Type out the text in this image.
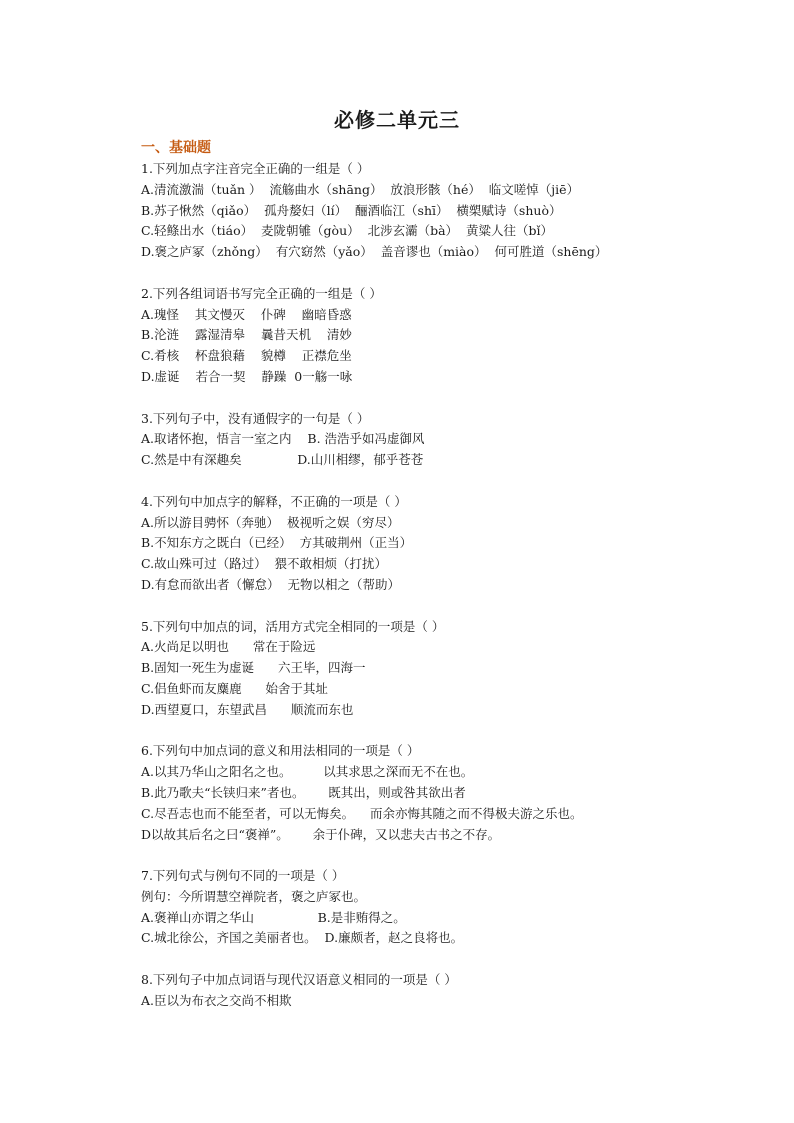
必修二单元三
一、基础题
1.下列加点字注音完全正确的一组是（ ）
A.清流激湍（tuǎn ）  流觞曲水（shāng）  放浪形骸（hé）  临文嗟悼（jiē）
B.苏子愀然（qiǎo）  孤舟嫠妇（lí）  酾酒临江（shī）  横槊赋诗（shuò）
C.轻鲦出水（tiáo）  麦陇朝雊（gòu）  北涉玄灞（bà）  黄粱人往（bǐ）
D.褒之庐冢（zhǒng）  有穴窈然（yǎo）  盖音谬也（miào）  何可胜道（shēng）
2.下列各组词语书写完全正确的一组是（ ）
A.瑰怪    其文慢灭    仆碑    幽暗昏惑
B.沦涟    露湿清皋    曩昔天机    清妙
C.肴核    杯盘狼藉    貌樽    正襟危坐
D.虚诞    若合一契    静躁  0一觞一咏
3.下列句子中，没有通假字的一句是（ ）
A.取诸怀抱，悟言一室之内    B. 浩浩乎如冯虚御风
C.然是中有深趣矣              D.山川相缪，郁乎苍苍
4.下列句中加点字的解释，不正确的一项是（ ）
A.所以游目骋怀（奔驰）  极视听之娱（穷尽）
B.不知东方之既白（已经）  方其破荆州（正当）
C.故山殊可过（路过）  猥不敢相烦（打扰）
D.有怠而欲出者（懈怠）  无物以相之（帮助）
5.下列句中加点的词，活用方式完全相同的一项是（ ）
A.火尚足以明也      常在于险远
B.固知一死生为虚诞      六王毕，四海一
C.侣鱼虾而友麋鹿      始舍于其址
D.西望夏口，东望武昌      顺流而东也
6.下列句中加点词的意义和用法相同的一项是（ ）
A.以其乃华山之阳名之也。        以其求思之深而无不在也。
B.此乃歌夫“长铗归来”者也。      既其出，则或咎其欲出者
C.尽吾志也而不能至者，可以无悔矣。    而余亦悔其随之而不得极夫游之乐也。
D以故其后名之曰“褒禅”。      余于仆碑，又以悲夫古书之不存。
7.下列句式与例句不同的一项是（ ）
例句：今所谓慧空禅院者，褒之庐冢也。
A.褒禅山亦谓之华山                B.是非贿得之。
C.城北徐公，齐国之美丽者也。  D.廉颇者，赵之良将也。
8.下列句子中加点词语与现代汉语意义相同的一项是（ ）
A.臣以为布衣之交尚不相欺
